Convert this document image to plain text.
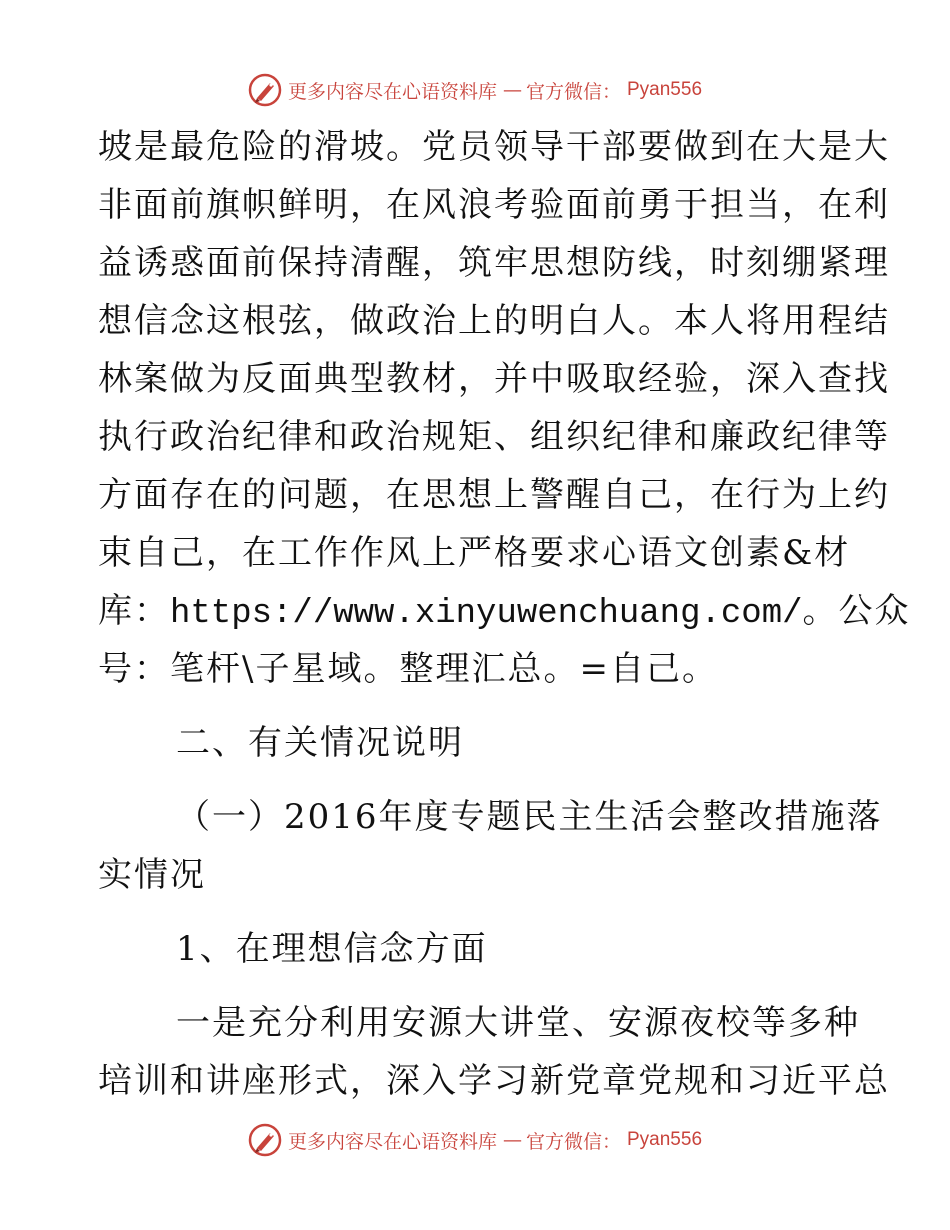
更多内容尽在心语资料库 — 官方微信： Pyan556
坡是最危险的滑坡。党员领导干部要做到在大是大
非面前旗帜鲜明，在风浪考验面前勇于担当，在利
益诱惑面前保持清醒，筑牢思想防线，时刻绷紧理
想信念这根弦，做政治上的明白人。本人将用程结
林案做为反面典型教材，并中吸取经验，深入查找
执行政治纪律和政治规矩、组织纪律和廉政纪律等
方面存在的问题，在思想上警醒自己，在行为上约
束自己，在工作作风上严格要求心语文创素&材
库：https://www.xinyuwenchuang.com/。公众
号：笔杆\子星域。整理汇总。=自己。
二、有关情况说明
（一）2016年度专题民主生活会整改措施落
实情况
1、在理想信念方面
一是充分利用安源大讲堂、安源夜校等多种
培训和讲座形式，深入学习新党章党规和习近平总
更多内容尽在心语资料库 — 官方微信： Pyan556
